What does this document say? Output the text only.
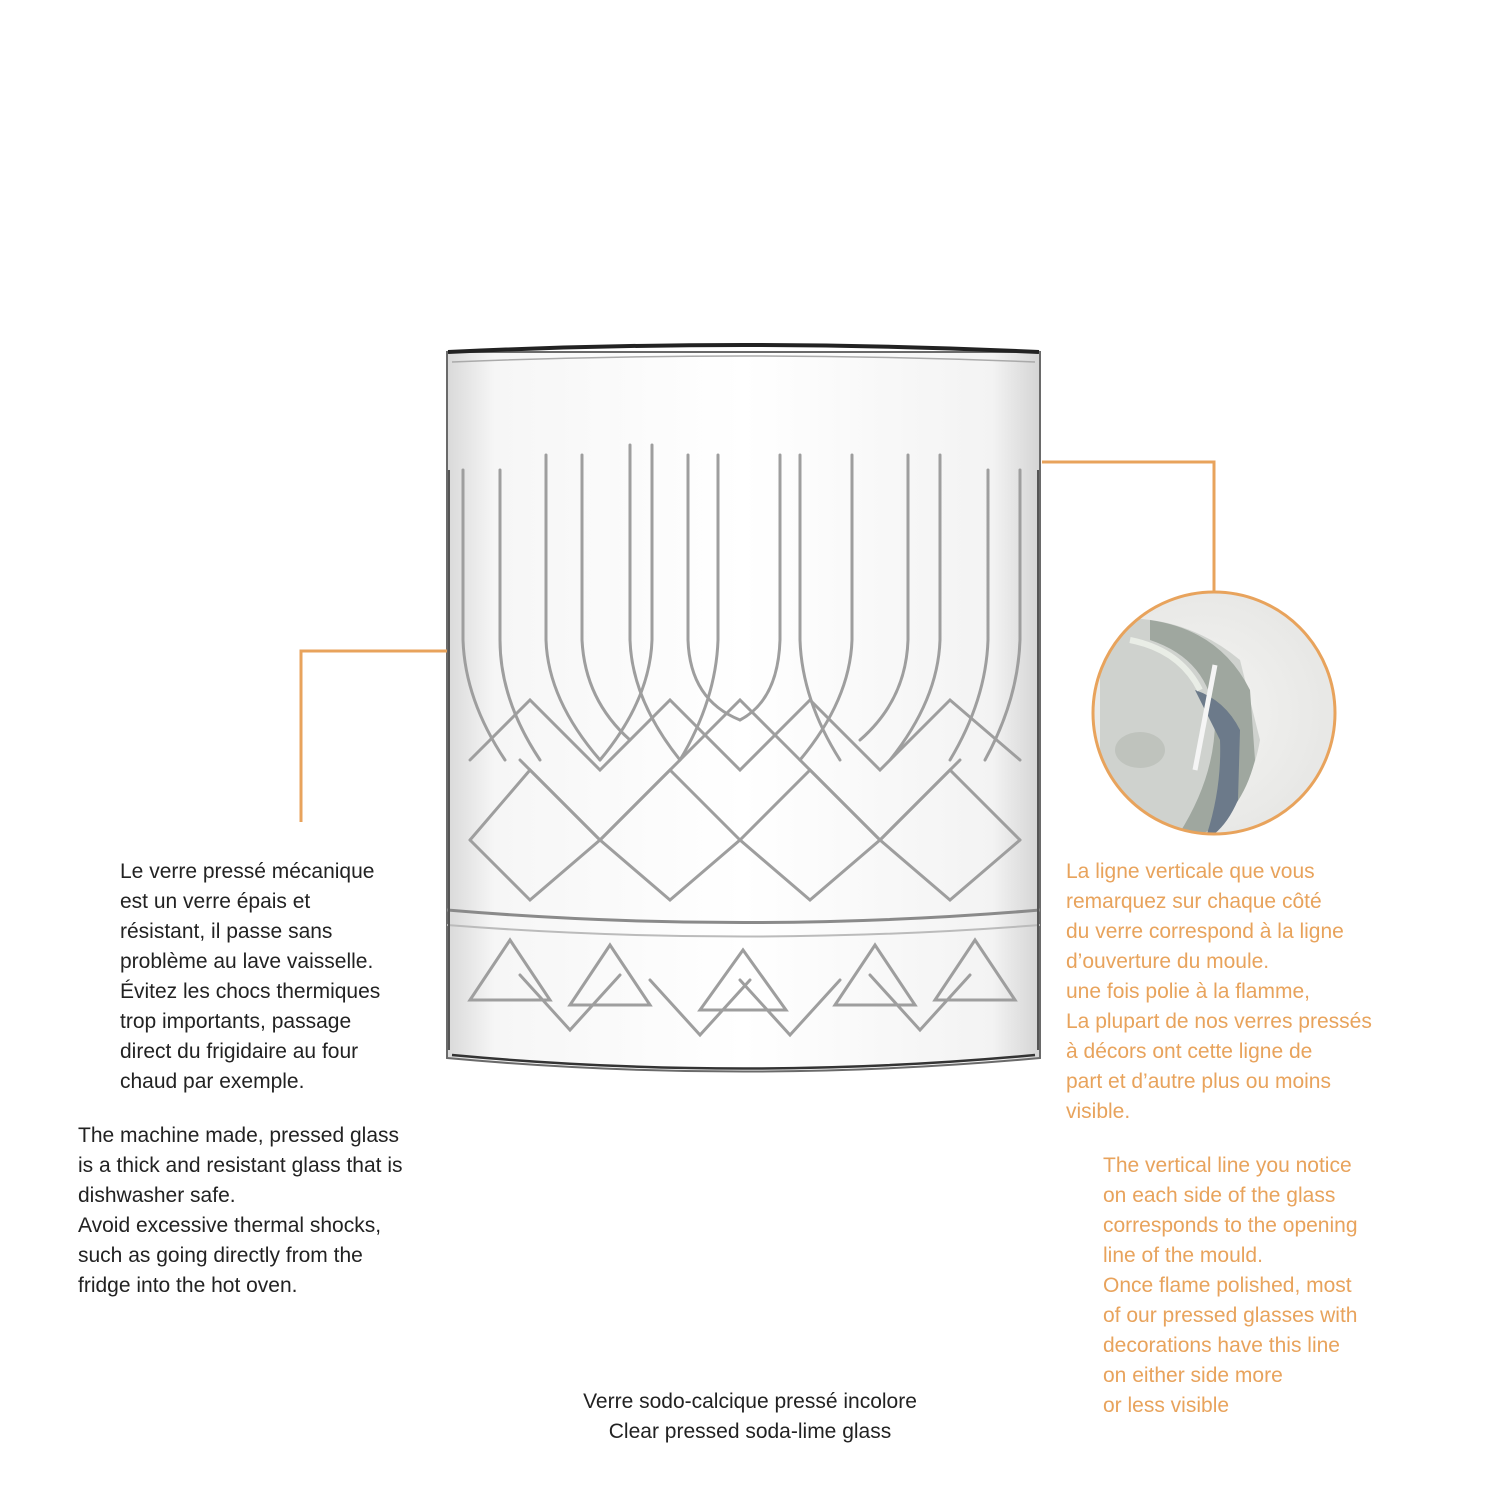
Le verre pressé mécanique
est un verre épais et
résistant, il passe sans
problème au lave vaisselle.
Évitez les chocs thermiques
trop importants, passage
direct du frigidaire au four
chaud par exemple.

The machine made, pressed glass
is a thick and resistant glass that is
dishwasher safe.
Avoid excessive thermal shocks,
such as going directly from the
fridge into the hot oven.

La ligne verticale que vous
remarquez sur chaque côté
du verre correspond à la ligne
d’ouverture du moule.
une fois polie à la flamme,
La plupart de nos verres pressés
à décors ont cette ligne de
part et d’autre plus ou moins
visible.

The vertical line you notice
on each side of the glass
corresponds to the opening
line of the mould.
Once flame polished, most
of our pressed glasses with
decorations have this line
on either side more
or less visible

Verre sodo-calcique pressé incolore

Clear pressed soda-lime glass
